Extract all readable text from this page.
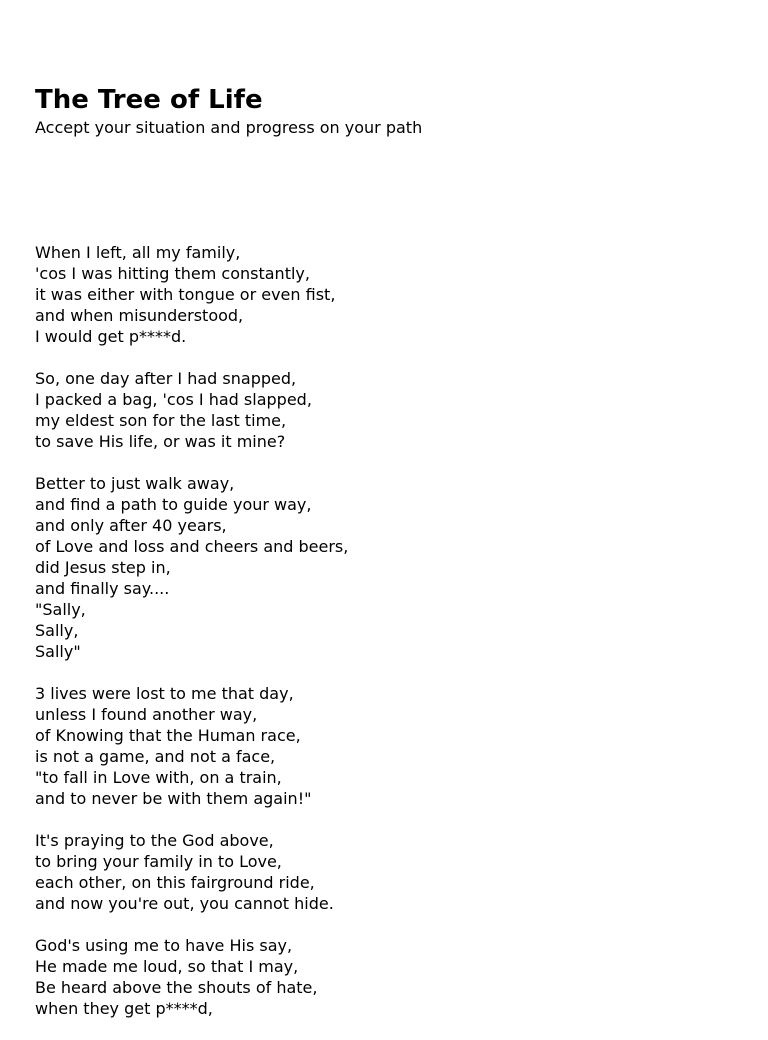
The Tree of Life

Accept your situation and progress on your path

When I left, all my family,
'cos I was hitting them constantly,
it was either with tongue or even fist,
and when misunderstood,
I would get p****d.
So, one day after I had snapped,
I packed a bag, 'cos I had slapped,
my eldest son for the last time,
to save His life, or was it mine?
Better to just walk away,
and find a path to guide your way,
and only after 40 years,
of Love and loss and cheers and beers,
did Jesus step in,
and finally say....
"Sally,
Sally,
Sally"
3 lives were lost to me that day,
unless I found another way,
of Knowing that the Human race,
is not a game, and not a face,
"to fall in Love with, on a train,
and to never be with them again!"
It's praying to the God above,
to bring your family in to Love,
each other, on this fairground ride,
and now you're out, you cannot hide.
God's using me to have His say,
He made me loud, so that I may,
Be heard above the shouts of hate,
when they get p****d,
